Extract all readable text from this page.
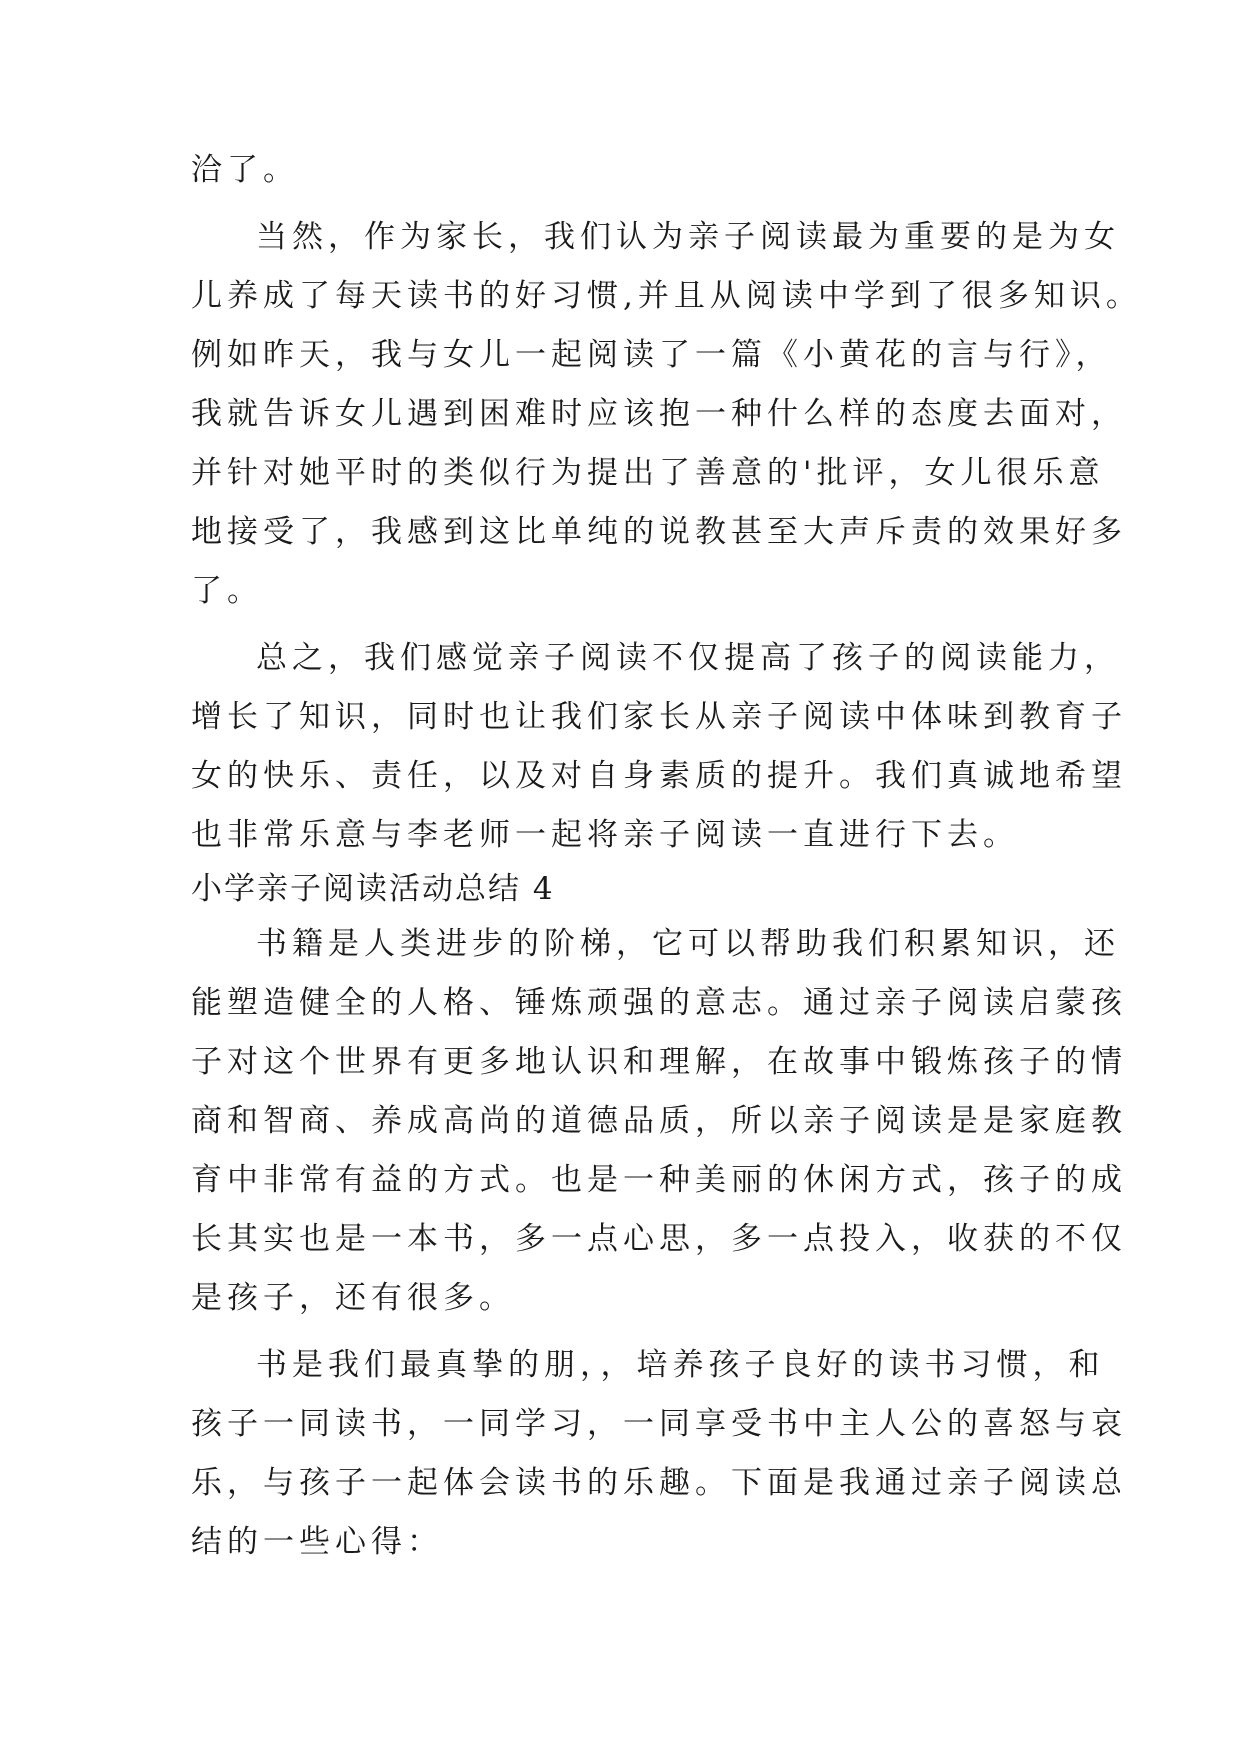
洽了。
当然，作为家长，我们认为亲子阅读最为重要的是为女
儿养成了每天读书的好习惯,并且从阅读中学到了很多知识。
例如昨天，我与女儿一起阅读了一篇《小黄花的言与行》，
我就告诉女儿遇到困难时应该抱一种什么样的态度去面对，
并针对她平时的类似行为提出了善意的'批评，女儿很乐意
地接受了，我感到这比单纯的说教甚至大声斥责的效果好多
了。
总之，我们感觉亲子阅读不仅提高了孩子的阅读能力，
增长了知识，同时也让我们家长从亲子阅读中体味到教育子
女的快乐、责任，以及对自身素质的提升。我们真诚地希望
也非常乐意与李老师一起将亲子阅读一直进行下去。
小学亲子阅读活动总结 4
书籍是人类进步的阶梯，它可以帮助我们积累知识，还
能塑造健全的人格、锤炼顽强的意志。通过亲子阅读启蒙孩
子对这个世界有更多地认识和理解，在故事中锻炼孩子的情
商和智商、养成高尚的道德品质，所以亲子阅读是是家庭教
育中非常有益的方式。也是一种美丽的休闲方式，孩子的成
长其实也是一本书，多一点心思，多一点投入，收获的不仅
是孩子，还有很多。
书是我们最真挚的朋，，培养孩子良好的读书习惯，和
孩子一同读书，一同学习，一同享受书中主人公的喜怒与哀
乐，与孩子一起体会读书的乐趣。下面是我通过亲子阅读总
结的一些心得：
